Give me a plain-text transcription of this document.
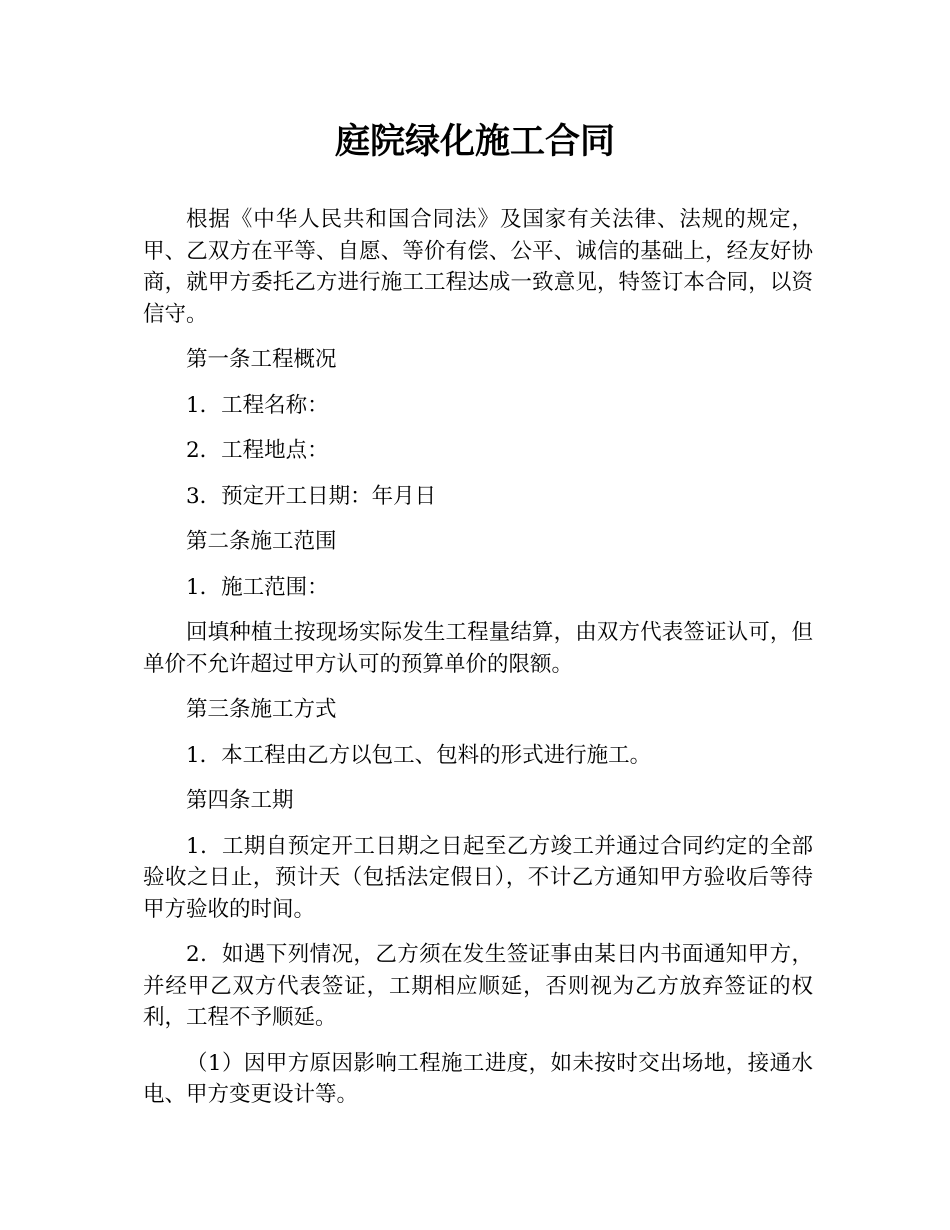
庭院绿化施工合同

根据《中华人民共和国合同法》及国家有关法律、法规的规定，甲、乙双方在平等、自愿、等价有偿、公平、诚信的基础上，经友好协商，就甲方委托乙方进行施工工程达成一致意见，特签订本合同，以资信守。

第一条工程概况

1．工程名称：

2．工程地点：

3．预定开工日期：年月日

第二条施工范围

1．施工范围：

回填种植土按现场实际发生工程量结算，由双方代表签证认可，但单价不允许超过甲方认可的预算单价的限额。

第三条施工方式

1．本工程由乙方以包工、包料的形式进行施工。

第四条工期

1．工期自预定开工日期之日起至乙方竣工并通过合同约定的全部验收之日止，预计天（包括法定假日），不计乙方通知甲方验收后等待甲方验收的时间。

2．如遇下列情况，乙方须在发生签证事由某日内书面通知甲方，并经甲乙双方代表签证，工期相应顺延，否则视为乙方放弃签证的权利，工程不予顺延。

（1）因甲方原因影响工程施工进度，如未按时交出场地，接通水电、甲方变更设计等。
